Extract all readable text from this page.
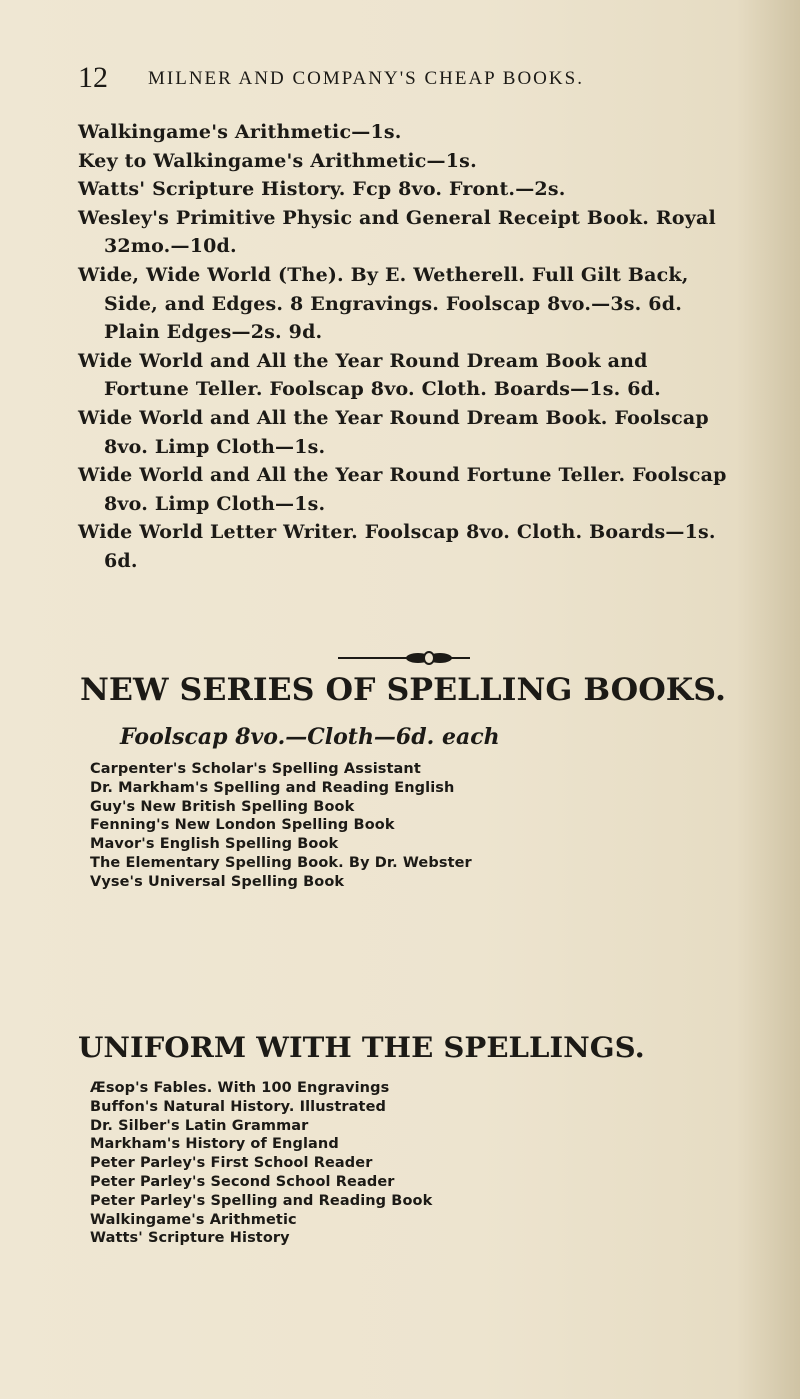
12 MILNER AND COMPANY'S CHEAP BOOKS.
Walkingame's Arithmetic—1s.
Key to Walkingame's Arithmetic—1s.
Watts' Scripture History. Fcp 8vo. Front.—2s.
Wesley's Primitive Physic and General Receipt Book. Royal 32mo.—10d.
Wide, Wide World (The). By E. Wetherell. Full Gilt Back, Side, and Edges. 8 Engravings. Foolscap 8vo.—3s. 6d. Plain Edges—2s. 9d.
Wide World and All the Year Round Dream Book and Fortune Teller. Foolscap 8vo. Cloth. Boards—1s. 6d.
Wide World and All the Year Round Dream Book. Foolscap 8vo. Limp Cloth—1s.
Wide World and All the Year Round Fortune Teller. Foolscap 8vo. Limp Cloth—1s.
Wide World Letter Writer. Foolscap 8vo. Cloth. Boards—1s. 6d.
NEW SERIES OF SPELLING BOOKS.
Foolscap 8vo.—Cloth—6d. each
Carpenter's Scholar's Spelling Assistant
Dr. Markham's Spelling and Reading English
Guy's New British Spelling Book
Fenning's New London Spelling Book
Mavor's English Spelling Book
The Elementary Spelling Book. By Dr. Webster
Vyse's Universal Spelling Book
UNIFORM WITH THE SPELLINGS.
Æsop's Fables. With 100 Engravings
Buffon's Natural History. Illustrated
Dr. Silber's Latin Grammar
Markham's History of England
Peter Parley's First School Reader
Peter Parley's Second School Reader
Peter Parley's Spelling and Reading Book
Walkingame's Arithmetic
Watts' Scripture History
